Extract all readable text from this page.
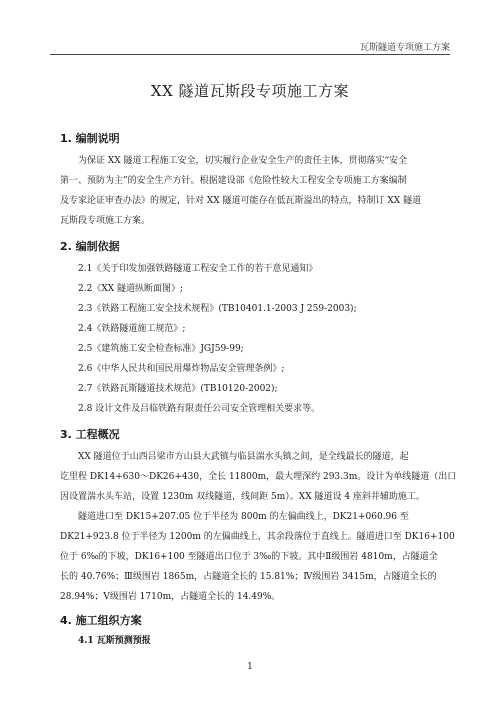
瓦斯隧道专项施工方案
XX 隧道瓦斯段专项施工方案
1. 编制说明
为保证 XX 隧道工程施工安全，切实履行企业安全生产的责任主体，贯彻落实“安全
第一、预防为主”的安全生产方针。根据建设部《危险性较大工程安全专项施工方案编制
及专家论证审查办法》的规定，针对 XX 隧道可能存在低瓦斯溢出的特点，特制订 XX 隧道
瓦斯段专项施工方案。
2. 编制依据
2.1《关于印发加强铁路隧道工程安全工作的若干意见通知》
2.2《XX 隧道纵断面图》;
2.3《铁路工程施工安全技术规程》(TB10401.1-2003 J 259-2003);
2.4《铁路隧道施工规范》;
2.5《建筑施工安全检查标准》JGJ59-99;
2.6《中华人民共和国民用爆炸物品安全管理条例》;
2.7《铁路瓦斯隧道技术规范》(TB10120-2002);
2.8 设计文件及吕临铁路有限责任公司安全管理相关要求等。
3. 工程概况
XX 隧道位于山西吕梁市方山县大武镇与临县湍水头镇之间，是全线最长的隧道，起
讫里程 DK14+630～DK26+430，全长 11800m，最大埋深约 293.3m。设计为单线隧道（出口
因设置湍水头车站，设置 1230m 双线隧道，线间距 5m）。XX 隧道设 4 座斜井辅助施工。
隧道进口至 DK15+207.05 位于半径为 800m 的左偏曲线上，DK21+060.96 至
DK21+923.8 位于半径为 1200m 的左偏曲线上，其余段落位于直线上。隧道进口至 DK16+100
位于 6‰的下坡，DK16+100 至隧道出口位于 3‰的下坡。其中Ⅱ级围岩 4810m，占隧道全
长的 40.76%；Ⅲ级围岩 1865m，占隧道全长的 15.81%；Ⅳ级围岩 3415m，占隧道全长的
28.94%；Ⅴ级围岩 1710m，占隧道全长的 14.49%。
4. 施工组织方案
4.1 瓦斯预测预报
1
